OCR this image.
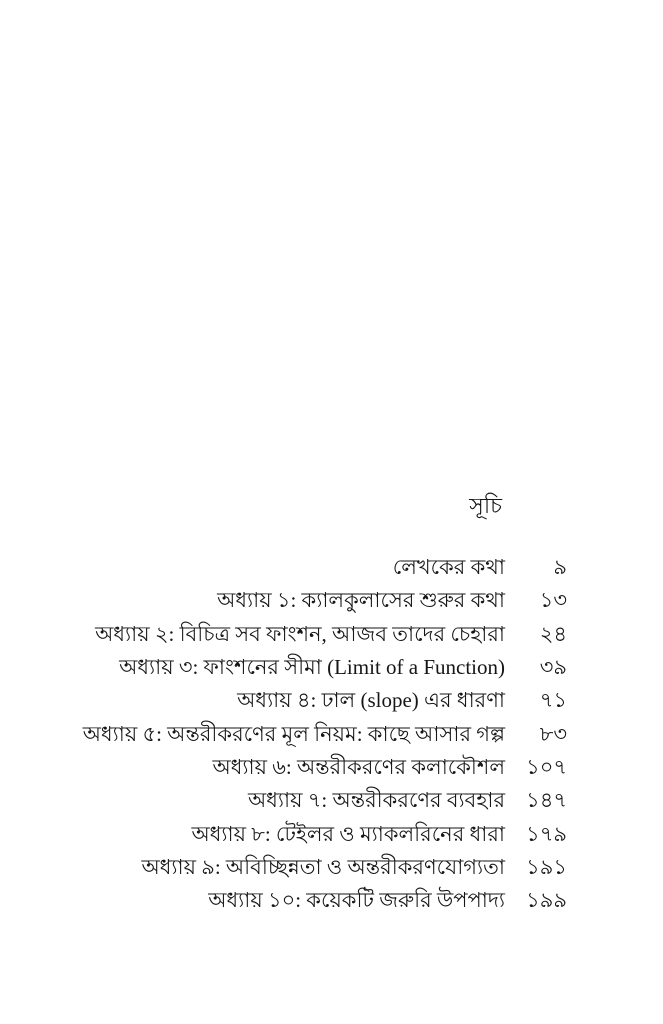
সূচি
লেখকের কথা	৯
অধ্যায় ১: ক্যালকুলাসের শুরুর কথা	১৩
অধ্যায় ২: বিচিত্র সব ফাংশন, আজব তাদের চেহারা	২৪
অধ্যায় ৩: ফাংশনের সীমা (Limit of a Function)	৩৯
অধ্যায় ৪: ঢাল (slope) এর ধারণা	৭১
অধ্যায় ৫: অন্তরীকরণের মূল নিয়ম: কাছে আসার গল্প	৮৩
অধ্যায় ৬: অন্তরীকরণের কলাকৌশল	১০৭
অধ্যায় ৭: অন্তরীকরণের ব্যবহার	১৪৭
অধ্যায় ৮: টেইলর ও ম্যাকলরিনের ধারা	১৭৯
অধ্যায় ৯: অবিচ্ছিন্নতা ও অন্তরীকরণযোগ্যতা	১৯১
অধ্যায় ১০: কয়েকটি জরুরি উপপাদ্য	১৯৯
